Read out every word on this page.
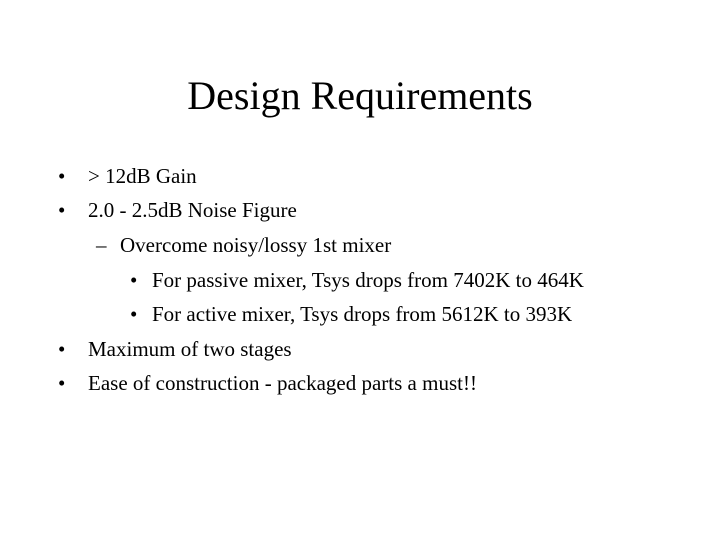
Design Requirements
• > 12dB Gain
• 2.0 - 2.5dB Noise Figure
– Overcome noisy/lossy 1st mixer
• For passive mixer, Tsys drops from 7402K to 464K
• For active mixer, Tsys drops from 5612K to 393K
• Maximum of two stages
• Ease of construction - packaged parts a must!!
